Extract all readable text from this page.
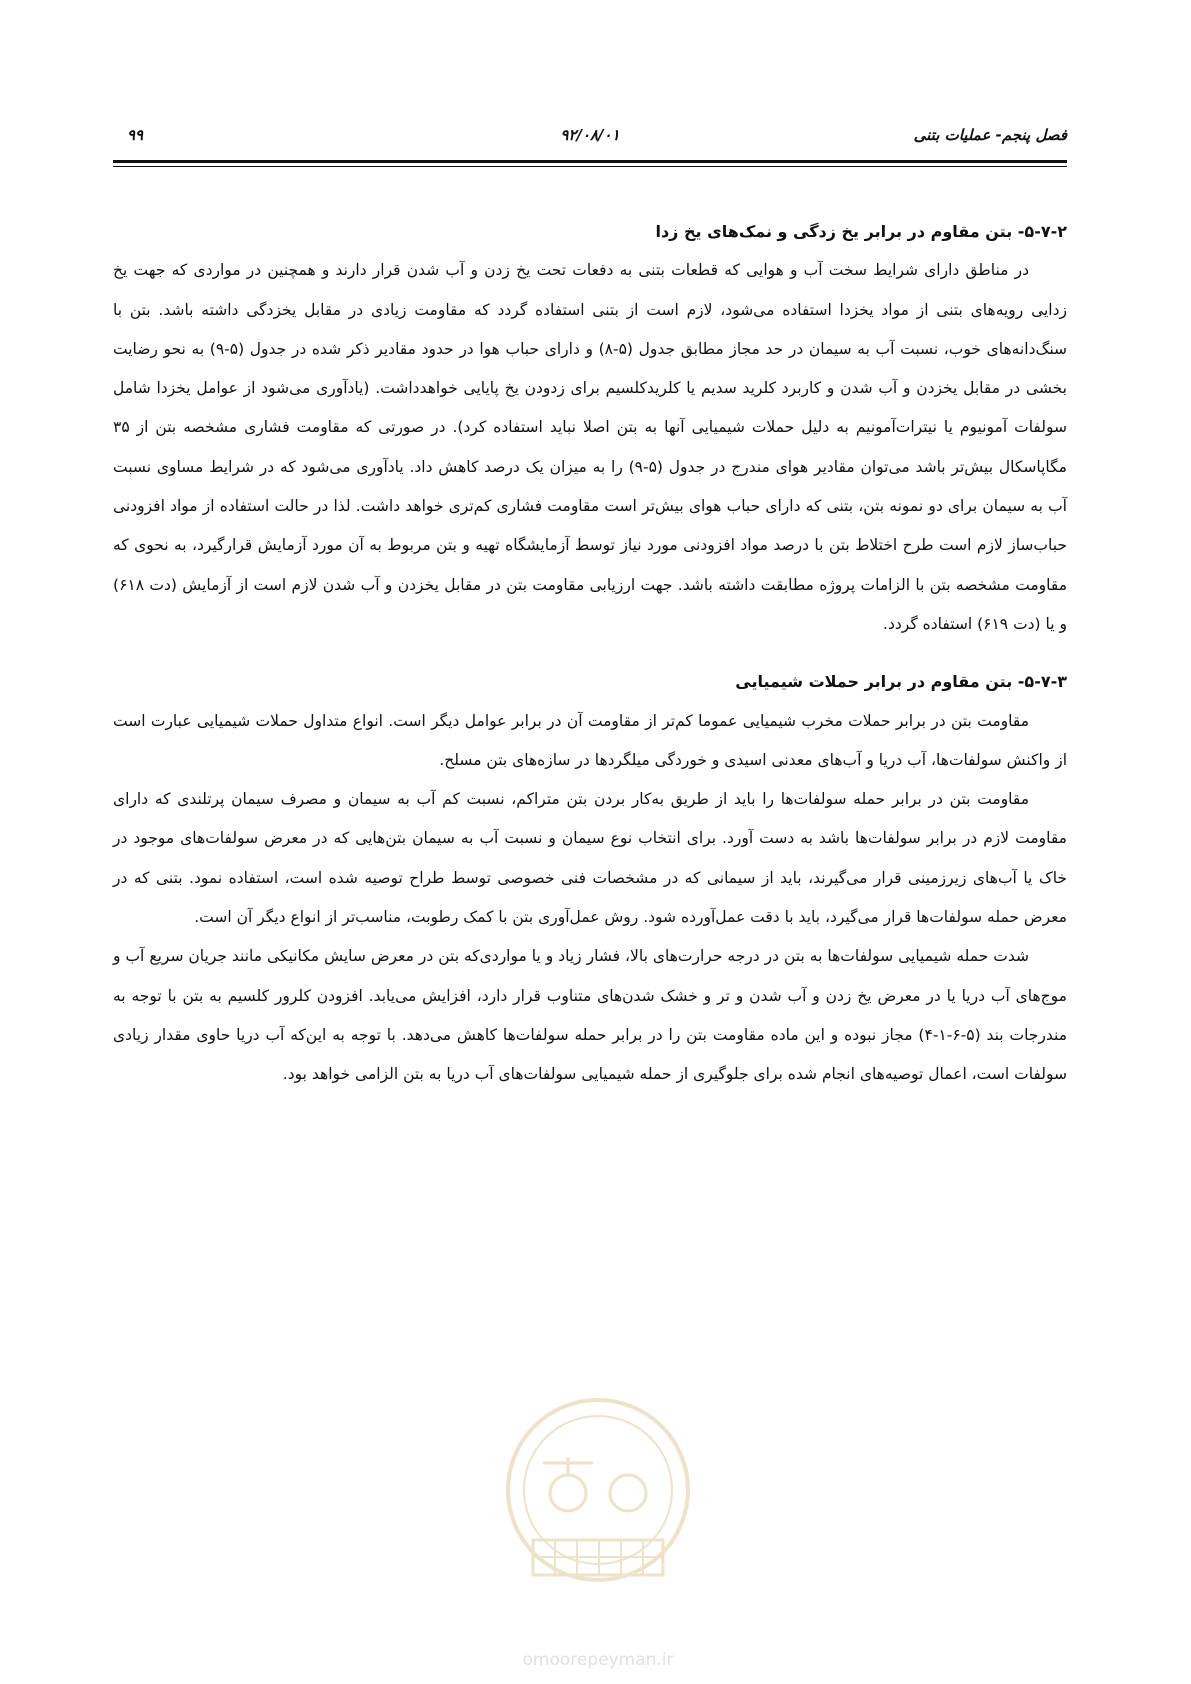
فصل پنجم- عملیات بتنی
۹۲/۰۸/۰۱
۹۹

۵-۷-۲- بتن مقاوم در برابر یخ زدگی و نمک‌های یخ زدا

در مناطق دارای شرایط سخت آب و هوایی که قطعات بتنی به دفعات تحت یخ زدن و آب شدن قرار دارند و همچنین در مواردی که جهت یخ زدایی رویه‌های بتنی از مواد یخزدا استفاده می‌شود، لازم است از بتنی استفاده گردد که مقاومت زیادی در مقابل یخزدگی داشته باشد. بتن با سنگ‌دانه‌های خوب، نسبت آب به سیمان در حد مجاز مطابق جدول (۵-۸) و دارای حباب هوا در حدود مقادیر ذکر شده در جدول (۵-۹) به نحو رضایت بخشی در مقابل یخزدن و آب شدن و کاربرد کلرید سدیم یا کلریدکلسیم برای زدودن یخ پایایی خواهدداشت. (یادآوری می‌شود از عوامل یخزدا شامل سولفات آمونیوم یا نیترات‌آمونیم به دلیل حملات شیمیایی آنها به بتن اصلا نباید استفاده کرد). در صورتی که مقاومت فشاری مشخصه بتن از ۳۵ مگاپاسکال بیش‌تر باشد می‌توان مقادیر هوای مندرج در جدول (۵-۹) را به میزان یک درصد کاهش داد. یادآوری می‌شود که در شرایط مساوی نسبت آب به سیمان برای دو نمونه بتن، بتنی که دارای حباب هوای بیش‌تر است مقاومت فشاری کم‌تری خواهد داشت. لذا در حالت استفاده از مواد افزودنی حباب‌ساز لازم است طرح اختلاط بتن با درصد مواد افزودنی مورد نیاز توسط آزمایشگاه تهیه و بتن مربوط به آن مورد آزمایش قرارگیرد، به نحوی که مقاومت مشخصه بتن با الزامات پروژه مطابقت داشته باشد. جهت ارزیابی مقاومت بتن در مقابل یخزدن و آب شدن لازم است از آزمایش (دت ۶۱۸) و یا (دت ۶۱۹) استفاده گردد.

۵-۷-۳- بتن مقاوم در برابر حملات شیمیایی

مقاومت بتن در برابر حملات مخرب شیمیایی عموما کم‌تر از مقاومت آن در برابر عوامل دیگر است. انواع متداول حملات شیمیایی عبارت است از واکنش سولفات‌ها، آب دریا و آب‌های معدنی اسیدی و خوردگی میلگردها در سازه‌های بتن مسلح.

مقاومت بتن در برابر حمله سولفات‌ها را باید از طریق به‌کار بردن بتن متراکم، نسبت کم آب به سیمان و مصرف سیمان پرتلندی که دارای مقاومت لازم در برابر سولفات‌ها باشد به دست آورد. برای انتخاب نوع سیمان و نسبت آب به سیمان بتن‌هایی که در معرض سولفات‌های موجود در خاک یا آب‌های زیرزمینی قرار می‌گیرند، باید از سیمانی که در مشخصات فنی خصوصی توسط طراح توصیه شده است، استفاده نمود. بتنی که در معرض حمله سولفات‌ها قرار می‌گیرد، باید با دقت عمل‌آورده شود. روش عمل‌آوری بتن با کمک رطوبت، مناسب‌تر از انواع دیگر آن است.

شدت حمله شیمیایی سولفات‌ها به بتن در درجه حرارت‌های بالا، فشار زیاد و یا مواردی‌که بتن در معرض سایش مکانیکی مانند جریان سریع آب و موج‌های آب دریا یا در معرض یخ زدن و آب شدن و تر و خشک شدن‌های متناوب قرار دارد، افزایش می‌یابد. افزودن کلرور کلسیم به بتن با توجه به مندرجات بند (۵-۶-۱-۴) مجاز نبوده و این ماده مقاومت بتن را در برابر حمله سولفات‌ها کاهش می‌دهد. با توجه به این‌که آب دریا حاوی مقدار زیادی سولفات است، اعمال توصیه‌های انجام شده برای جلوگیری از حمله شیمیایی سولفات‌های آب دریا به بتن الزامی خواهد بود.

omoorepeyman.ir
